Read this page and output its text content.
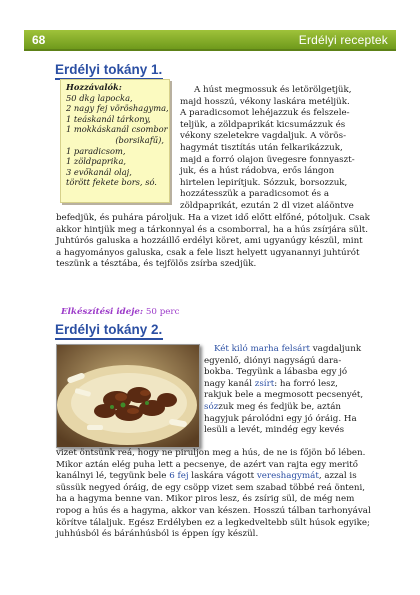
68	Erdélyi receptek
Erdélyi tokány 1.
Hozzávalók:
50 dkg lapocka,
2 nagy fej vöröshagyma,
1 teáskanál tárkony,
1 mokkáskanál csombor
(borsikafű),
1 paradicsom,
1 zöldpaprika,
3 evőkanál olaj,
törött fekete bors, só.
A húst megmossuk és letörölgetjük,
majd hosszú, vékony laskára metéljük.
A paradicsomot lehéjazzuk és felszele-
teljük, a zöldpaprikát kicsumázzuk és
vékony szeletekre vagdaljuk. A vörös-
hagymát tisztítás után felkarikázzuk,
majd a forró olajon üvegesre fonnyaszt-
juk, és a húst rádobva, erős lángon
hirtelen lepirítjuk. Sózzuk, borsozzuk,
hozzátesszük a paradicsomot és a
zöldpaprikát, ezután 2 dl vizet aláöntve
befedjük, és puhára pároljuk. Ha a vizet idő előtt elfőné, pótoljuk. Csak
akkor hintjük meg a tárkonnyal és a csomborral, ha a hús zsírjára sült.
Juhtúrós galuska a hozzáillő erdélyi köret, ami ugyanúgy készül, mint
a hagyományos galuska, csak a fele liszt helyett ugyanannyi juhtúrót
teszünk a tésztába, és tejfölös zsírba szedjük.
Elkészítési ideje: 50 perc
Erdélyi tokány 2.
Két kiló marha felsárt vagdaljunk
egyenlő, diónyi nagyságú dara-
bokba. Tegyünk a lábasba egy jó
nagy kanál zsírt: ha forró lesz,
rakjuk bele a megmosott pecsenyét,
sózzuk meg és fedjük be, aztán
hagyjuk párolódni egy jó óráig. Ha
lesüli a levét, mindég egy kevés
vizet öntsünk reá, hogy ne piruljon meg a hús, de ne is főjön bő lében.
Mikor aztán elég puha lett a pecsenye, de azért van rajta egy meritő
kanálnyi lé, tegyünk bele 6 fej laskára vágott vereshagymát, azzal is
süssük negyed óráig, de egy csöpp vizet sem szabad többé reá önteni,
ha a hagyma benne van. Mikor piros lesz, és zsírig sül, de még nem
ropog a hús és a hagyma, akkor van készen. Hosszú tálban tarhonyával
körítve tálaljuk. Egész Erdélyben ez a legkedveltebb sült húsok egyike;
juhhúsból és báránhúsból is éppen így készül.
